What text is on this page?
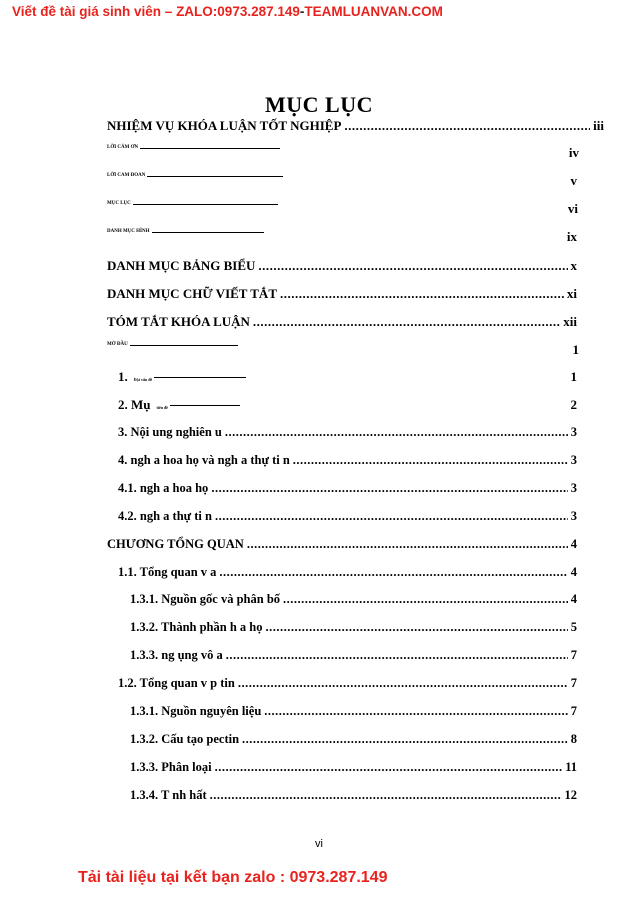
Viết đề tài giá sinh viên – ZALO:0973.287.149-TEAMLUANVAN.COM
MỤC LỤC
NHIỆM VỤ KHÓA LUẬN TỐT NGHIỆP .....	iii
LỜI CẢM ƠN	iv
LỜI CAM ĐOAN	v
MỤC LỤC	vi
DANH MỤC HÌNH	ix
DANH MỤC BẢNG BIỂU .....	x
DANH MỤC CHỮ VIẾT TẮT .....	xi
TÓM TẮT KHÓA LUẬN .....	xii
MỞ ĐẦU	1
1. Đặt vấn đề	1
2. Mụ tiêu đề	2
3. Nội ung nghiên u .....	3
4. ngh a hoa họ và ngh a thự ti n .....	3
4.1. ngh a hoa họ .....	3
4.2. ngh a thự ti n .....	3
CHƯƠNG TỔNG QUAN .....	4
1.1. Tổng quan v a .....	4
1.3.1. Nguồn gốc và phân bố .....	4
1.3.2. Thành phần h a họ .....	5
1.3.3. ng ụng vô a .....	7
1.2. Tổng quan v p tin .....	7
1.3.1. Nguồn nguyên liệu .....	7
1.3.2. Cấu tạo pectin .....	8
1.3.3. Phân loại .....	11
1.3.4. T nh hất .....	12
vi
Tải tài liệu tại kết bạn zalo : 0973.287.149
